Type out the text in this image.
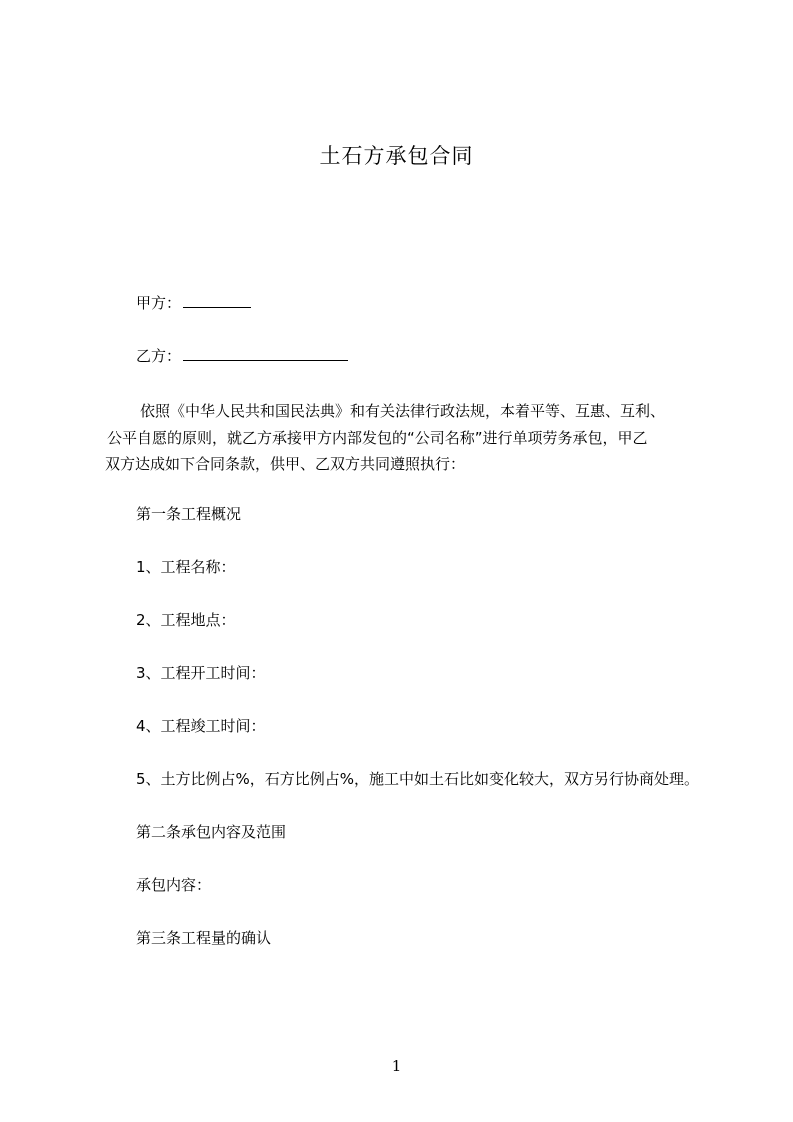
土石方承包合同
甲方：
乙方：
依照《中华人民共和国民法典》和有关法律行政法规，本着平等、互惠、互利、
公平自愿的原则，就乙方承接甲方内部发包的“公司名称”进行单项劳务承包，甲乙
双方达成如下合同条款，供甲、乙双方共同遵照执行：
第一条工程概况
1、工程名称：
2、工程地点：
3、工程开工时间：
4、工程竣工时间：
5、土方比例占%，石方比例占%，施工中如土石比如变化较大，双方另行协商处理。
第二条承包内容及范围
承包内容：
第三条工程量的确认
1
